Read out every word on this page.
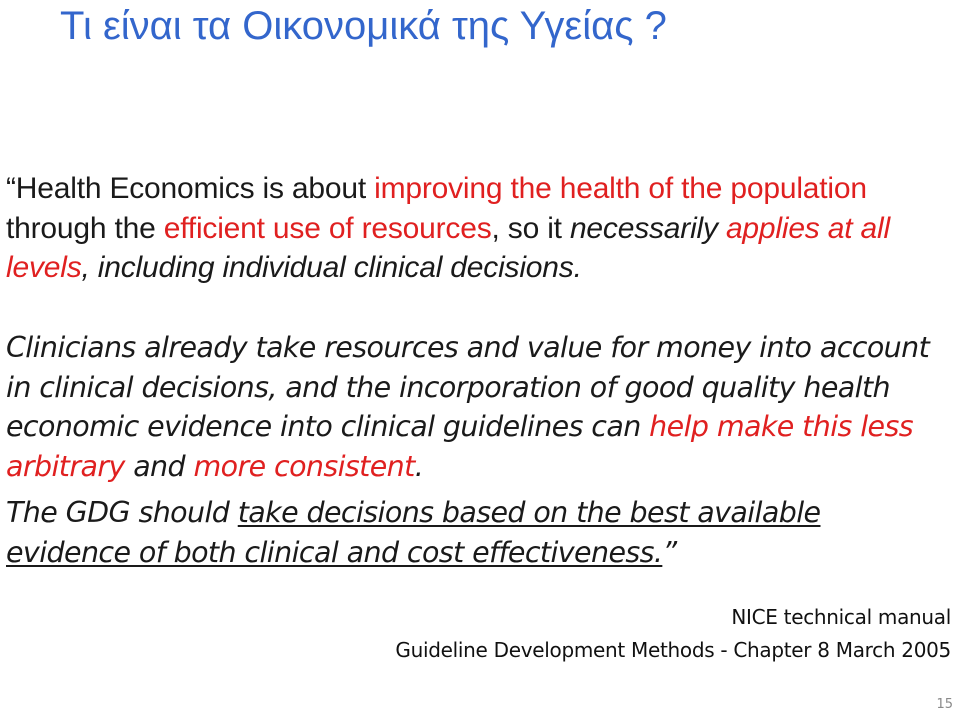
Τι είναι τα Οικονομικά της Υγείας ?
“Health Economics is about improving the health of the population through the efficient use of resources, so it necessarily applies at all levels, including individual clinical decisions.
Clinicians already take resources and value for money into account in clinical decisions, and the incorporation of good quality health economic evidence into clinical guidelines can help make this less arbitrary and more consistent.
The GDG should take decisions based on the best available evidence of both clinical and cost effectiveness.”
NICE technical manual
Guideline Development Methods - Chapter 8 March 2005
15
